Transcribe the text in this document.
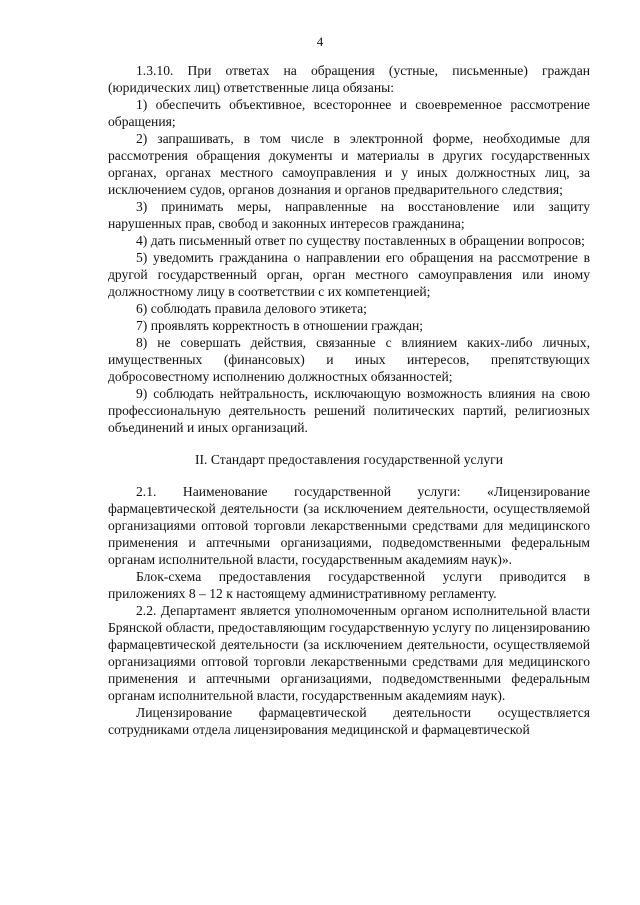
4

1.3.10. При ответах на обращения (устные, письменные) граждан (юридических лиц) ответственные лица обязаны:

1) обеспечить объективное, всестороннее и своевременное рассмотрение обращения;

2) запрашивать, в том числе в электронной форме, необходимые для рассмотрения обращения документы и материалы в других государственных органах, органах местного самоуправления и у иных должностных лиц, за исключением судов, органов дознания и органов предварительного следствия;

3) принимать меры, направленные на восстановление или защиту нарушенных прав, свобод и законных интересов гражданина;

4) дать письменный ответ по существу поставленных в обращении вопросов;

5) уведомить гражданина о направлении его обращения на рассмотрение в другой государственный орган, орган местного самоуправления или иному должностному лицу в соответствии с их компетенцией;

6) соблюдать правила делового этикета;

7) проявлять корректность в отношении граждан;

8) не совершать действия, связанные с влиянием каких-либо личных, имущественных (финансовых) и иных интересов, препятствующих добросовестному исполнению должностных обязанностей;

9) соблюдать нейтральность, исключающую возможность влияния на свою профессиональную деятельность решений политических партий, религиозных объединений и иных организаций.

II. Стандарт предоставления государственной услуги

2.1. Наименование государственной услуги: «Лицензирование фармацевтической деятельности (за исключением деятельности, осуществляемой организациями оптовой торговли лекарственными средствами для медицинского применения и аптечными организациями, подведомственными федеральным органам исполнительной власти, государственным академиям наук)».

Блок-схема предоставления государственной услуги приводится в приложениях 8 – 12 к настоящему административному регламенту.

2.2. Департамент является уполномоченным органом исполнительной власти Брянской области, предоставляющим государственную услугу по лицензированию фармацевтической деятельности (за исключением деятельности, осуществляемой организациями оптовой торговли лекарственными средствами для медицинского применения и аптечными организациями, подведомственными федеральным органам исполнительной власти, государственным академиям наук).

Лицензирование фармацевтической деятельности осуществляется сотрудниками отдела лицензирования медицинской и фармацевтической
